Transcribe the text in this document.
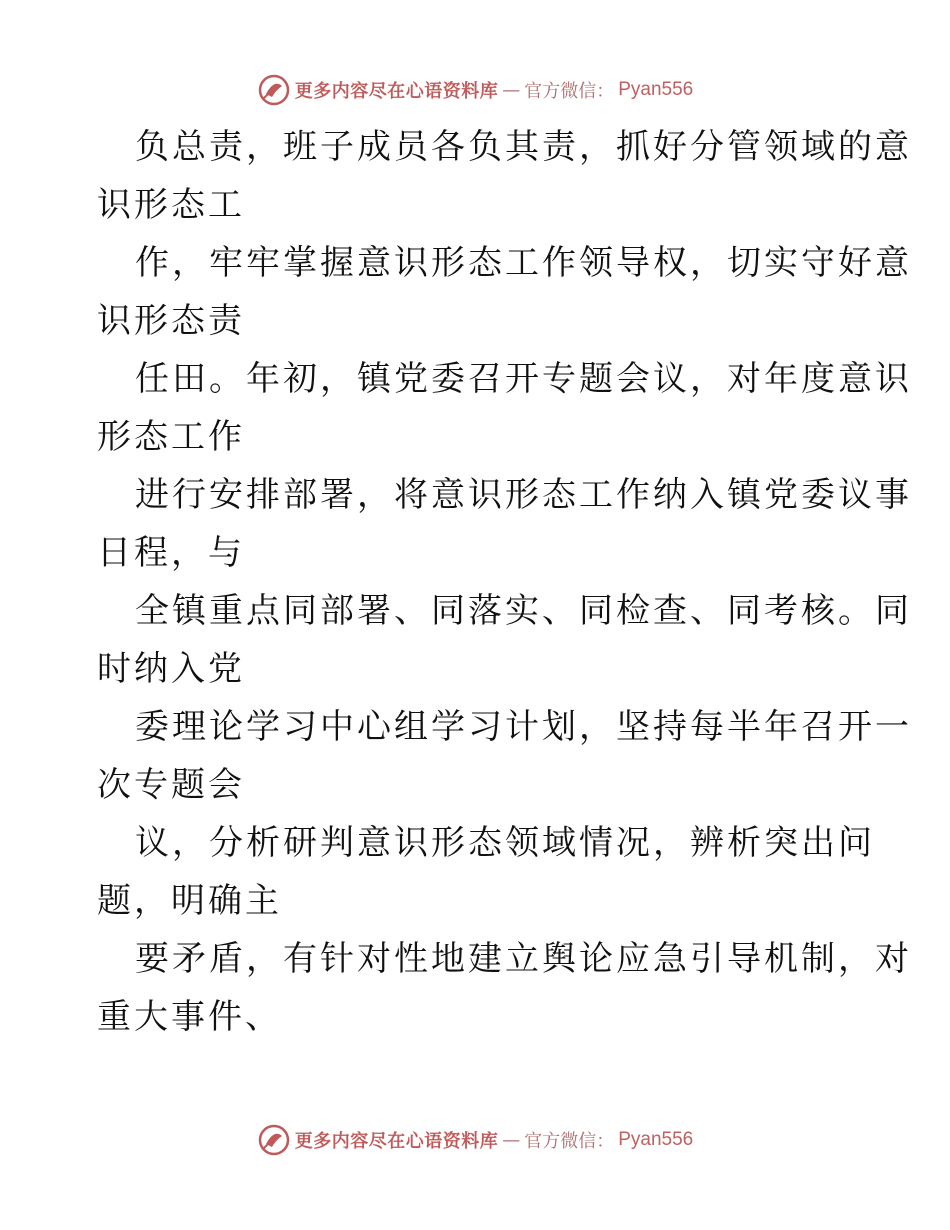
更多内容尽在心语资料库 — 官方微信： Pyan556

负总责，班子成员各负其责，抓好分管领域的意
识形态工

作，牢牢掌握意识形态工作领导权，切实守好意
识形态责

任田。年初，镇党委召开专题会议，对年度意识
形态工作

进行安排部署，将意识形态工作纳入镇党委议事
日程，与

全镇重点同部署、同落实、同检查、同考核。同
时纳入党

委理论学习中心组学习计划，坚持每半年召开一
次专题会

议，分析研判意识形态领域情况，辨析突出问
题，明确主

要矛盾，有针对性地建立舆论应急引导机制，对
重大事件、

更多内容尽在心语资料库 — 官方微信： Pyan556
